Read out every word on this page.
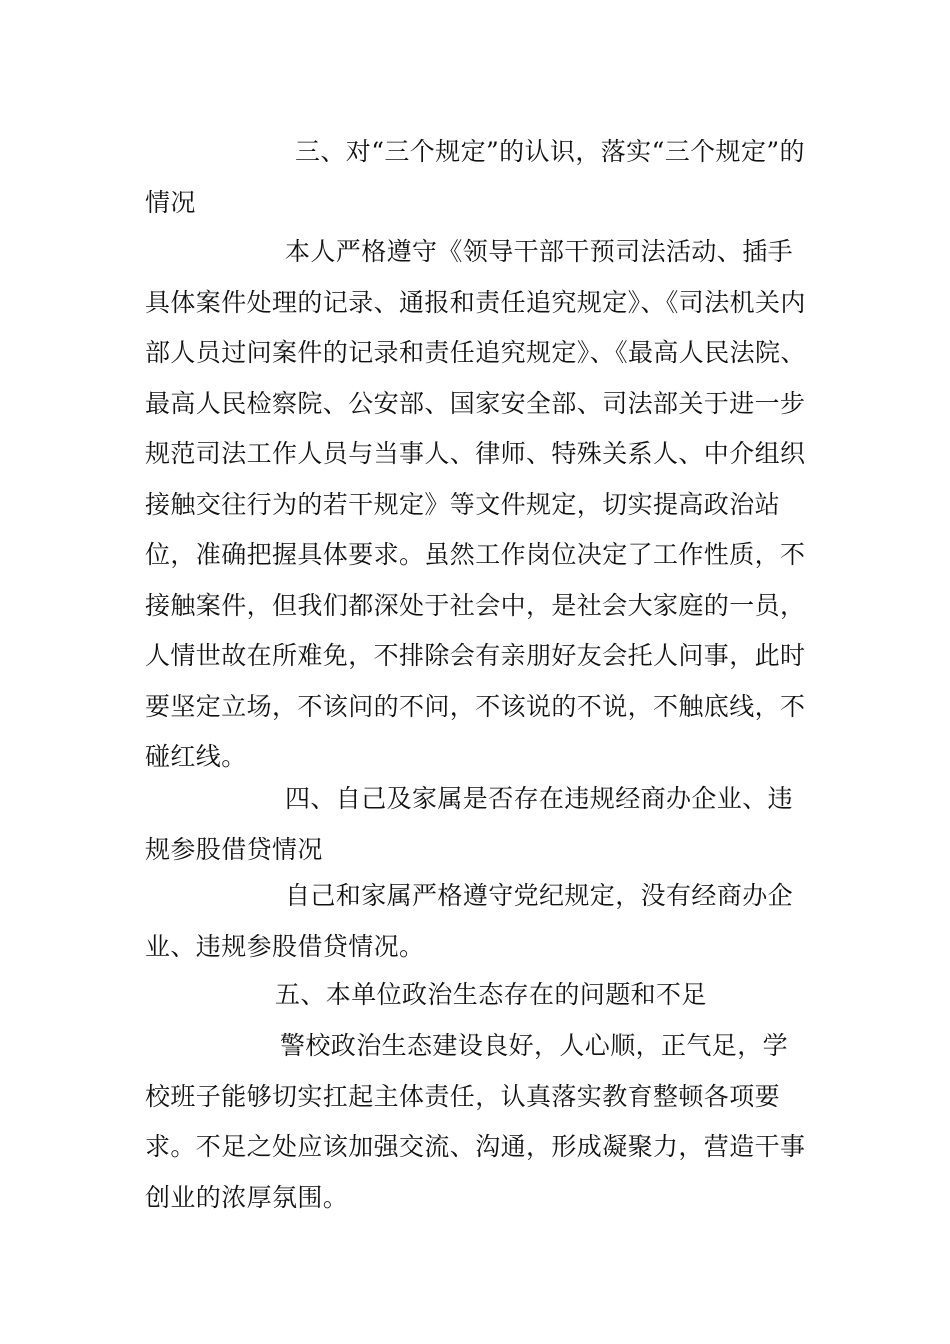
三、对“三个规定”的认识，落实“三个规定”的情况

本人严格遵守《领导干部干预司法活动、插手具体案件处理的记录、通报和责任追究规定》、《司法机关内部人员过问案件的记录和责任追究规定》、《最高人民法院、最高人民检察院、公安部、国家安全部、司法部关于进一步规范司法工作人员与当事人、律师、特殊关系人、中介组织接触交往行为的若干规定》等文件规定，切实提高政治站位，准确把握具体要求。虽然工作岗位决定了工作性质，不接触案件，但我们都深处于社会中，是社会大家庭的一员，人情世故在所难免，不排除会有亲朋好友会托人问事，此时要坚定立场，不该问的不问，不该说的不说，不触底线，不碰红线。

四、自己及家属是否存在违规经商办企业、违规参股借贷情况

自己和家属严格遵守党纪规定，没有经商办企业、违规参股借贷情况。

五、本单位政治生态存在的问题和不足

警校政治生态建设良好，人心顺，正气足，学校班子能够切实扛起主体责任，认真落实教育整顿各项要求。不足之处应该加强交流、沟通，形成凝聚力，营造干事创业的浓厚氛围。
